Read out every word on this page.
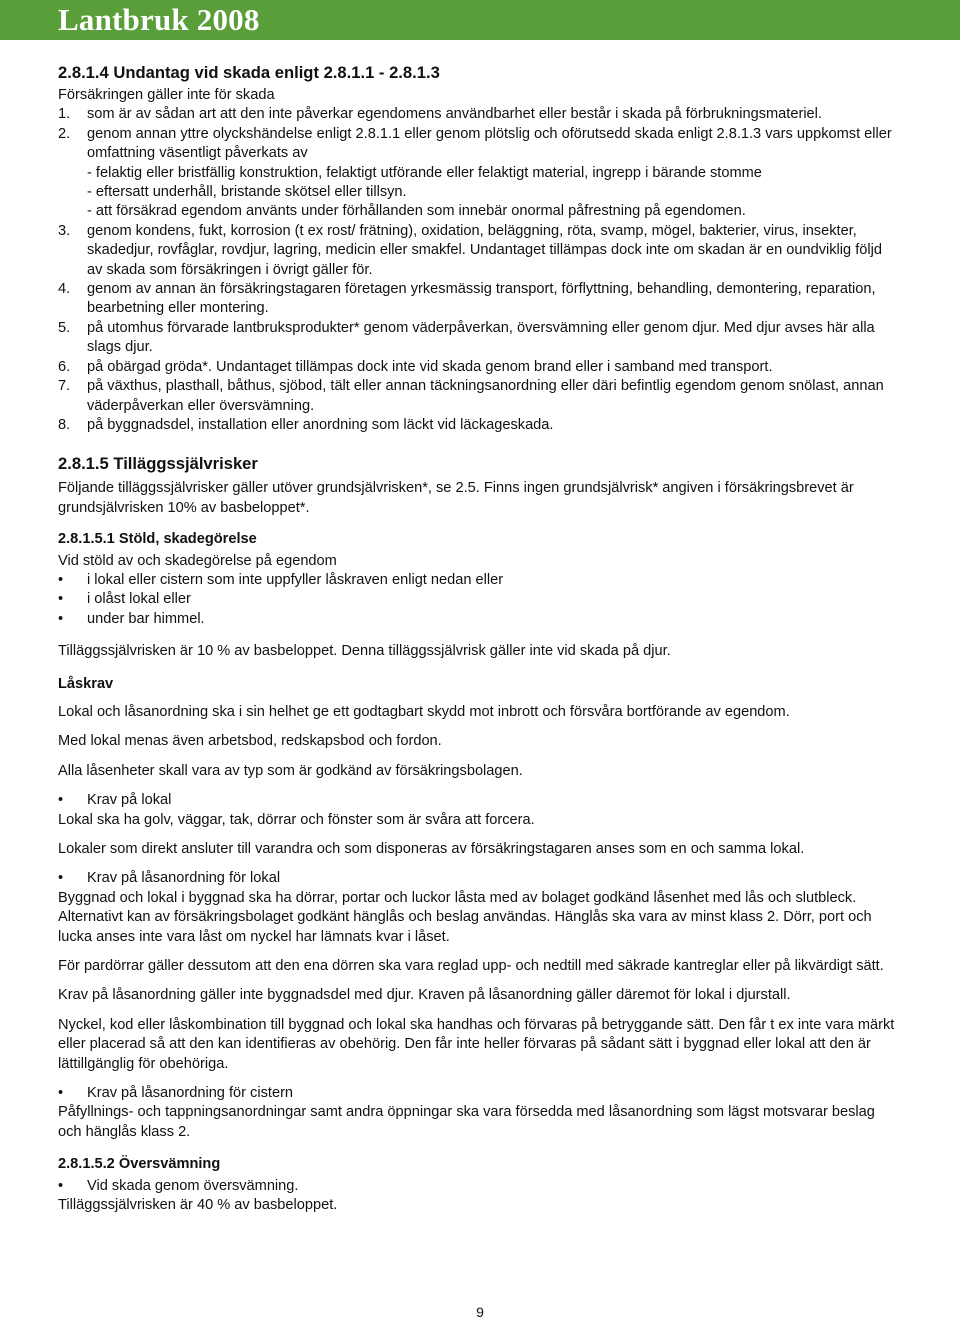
Lantbruk 2008
2.8.1.4 Undantag vid skada enligt 2.8.1.1 - 2.8.1.3

Försäkringen gäller inte för skada

1.	som är av sådan art att den inte påverkar egendomens användbarhet eller består i skada på förbrukningsmateriel.
2.	genom annan yttre olyckshändelse enligt 2.8.1.1 eller genom plötslig och oförutsedd skada enligt 2.8.1.3 vars uppkomst eller omfattning väsentligt påverkats av

- felaktig eller bristfällig konstruktion, felaktigt utförande eller felaktigt material, ingrepp i bärande stomme

- eftersatt underhåll, bristande skötsel eller tillsyn.

- att försäkrad egendom använts under förhållanden som innebär onormal påfrestning på egendomen.

3.	genom kondens, fukt, korrosion (t ex rost/ frätning), oxidation, beläggning, röta, svamp, mögel, bakterier, virus, insekter, skadedjur, rovfåglar, rovdjur, lagring, medicin eller smakfel. Undantaget tillämpas dock inte om skadan är en oundviklig följd av skada som försäkringen i övrigt gäller för.
4.	genom av annan än försäkringstagaren företagen yrkesmässig transport, förflyttning, behandling, demontering, reparation, bearbetning eller montering.
5.	på utomhus förvarade lantbruksprodukter* genom väderpåverkan, översvämning eller genom djur. Med djur avses här alla slags djur.
6.	på obärgad gröda*. Undantaget tillämpas dock inte vid skada genom brand eller i samband med transport.
7.	på växthus, plasthall, båthus, sjöbod, tält eller annan täckningsanordning eller däri befintlig egendom genom snölast, annan väderpåverkan eller översvämning.
8.	på byggnadsdel, installation eller anordning som läckt vid läckageskada.
2.8.1.5 Tilläggssjälvrisker

Följande tilläggssjälvrisker gäller utöver grundsjälvrisken*, se 2.5. Finns ingen grundsjälvrisk* angiven i försäkringsbrevet är grundsjälvrisken 10% av basbeloppet*.

2.8.1.5.1 Stöld, skadegörelse

Vid stöld av och skadegörelse på egendom

•
i lokal eller cistern som inte uppfyller låskraven enligt nedan eller
•
i olåst lokal eller
•
under bar himmel.

Tilläggssjälvrisken är 10 % av basbeloppet. Denna tilläggssjälvrisk gäller inte vid skada på djur.

Låskrav

Lokal och låsanordning ska i sin helhet ge ett godtagbart skydd mot inbrott och försvåra bortförande av egendom.

Med lokal menas även arbetsbod, redskapsbod och fordon.

Alla låsenheter skall vara av typ som är godkänd av försäkringsbolagen.

•
Krav på lokal

Lokal ska ha golv, väggar, tak, dörrar och fönster som är svåra att forcera.

Lokaler som direkt ansluter till varandra och som disponeras av försäkringstagaren anses som en och samma lokal.

•
Krav på låsanordning för lokal

Byggnad och lokal i byggnad ska ha dörrar, portar och luckor låsta med av bolaget godkänd låsenhet med lås och slutbleck. Alternativt kan av försäkringsbolaget godkänt hänglås och beslag användas. Hänglås ska vara av minst klass 2. Dörr, port och lucka anses inte vara låst om nyckel har lämnats kvar i låset.

För pardörrar gäller dessutom att den ena dörren ska vara reglad upp- och nedtill med säkrade kantreglar eller på likvärdigt sätt.

Krav på låsanordning gäller inte byggnadsdel med djur. Kraven på låsanordning gäller däremot för lokal i djurstall.

Nyckel, kod eller låskombination till byggnad och lokal ska handhas och förvaras på betryggande sätt. Den får t ex inte vara märkt eller placerad så att den kan identifieras av obehörig. Den får inte heller förvaras på sådant sätt i byggnad eller lokal att den är lättillgänglig för obehöriga.

•
Krav på låsanordning för cistern

Påfyllnings- och tappningsanordningar samt andra öppningar ska vara försedda med låsanordning som lägst motsvarar beslag och hänglås klass 2.

2.8.1.5.2 Översvämning
•
Vid skada genom översvämning.

Tilläggssjälvrisken är 40 % av basbeloppet.

9
